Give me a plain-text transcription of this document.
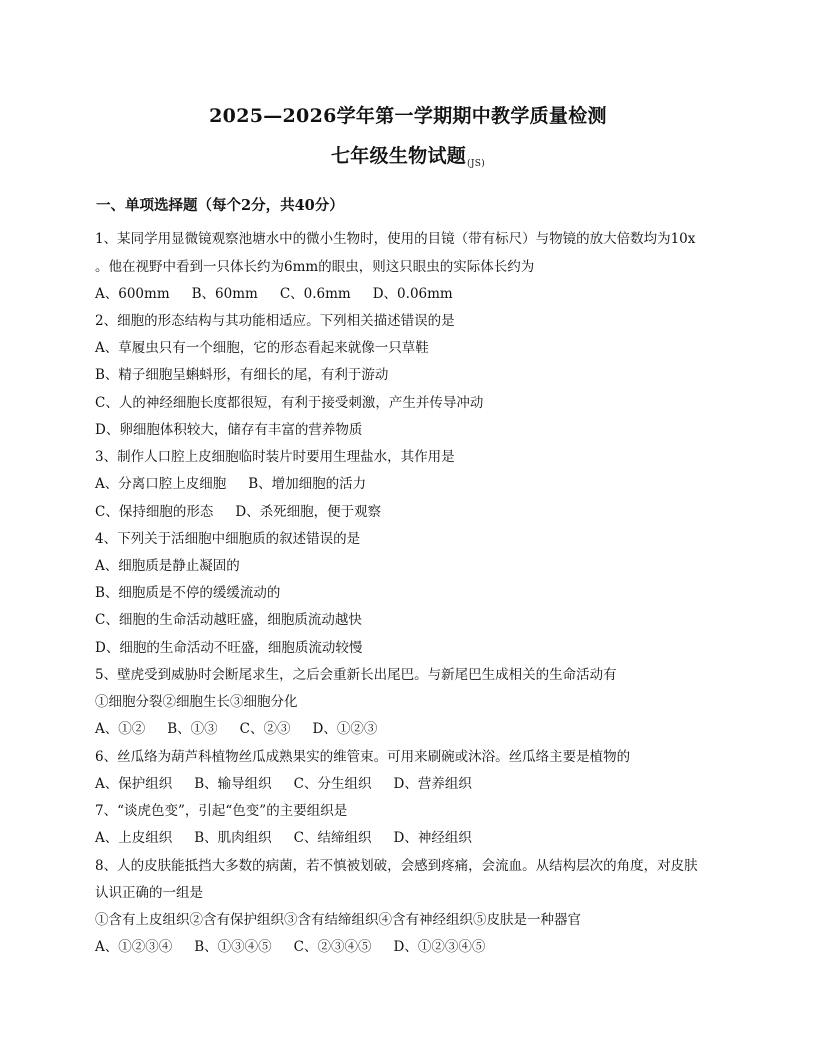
2025—2026学年第一学期期中教学质量检测
七年级生物试题$_{(JS)}$
一、单项选择题（每个2分，共40分）
1、某同学用显微镜观察池塘水中的微小生物时，使用的目镜（带有标尺）与物镜的放大倍数均为10x
。他在视野中看到一只体长约为6mm的眼虫，则这只眼虫的实际体长约为
A、600mm B、60mm C、0.6mm D、0.06mm
2、细胞的形态结构与其功能相适应。下列相关描述错误的是
A、草履虫只有一个细胞，它的形态看起来就像一只草鞋
B、精子细胞呈蝌蚪形，有细长的尾，有利于游动
C、人的神经细胞长度都很短，有利于接受刺激，产生并传导冲动
D、卵细胞体积较大，储存有丰富的营养物质
3、制作人口腔上皮细胞临时装片时要用生理盐水，其作用是
A、分离口腔上皮细胞 B、增加细胞的活力
C、保持细胞的形态 D、杀死细胞，便于观察
4、下列关于活细胞中细胞质的叙述错误的是
A、细胞质是静止凝固的
B、细胞质是不停的缓缓流动的
C、细胞的生命活动越旺盛，细胞质流动越快
D、细胞的生命活动不旺盛，细胞质流动较慢
5、壁虎受到威胁时会断尾求生，之后会重新长出尾巴。与新尾巴生成相关的生命活动有
①细胞分裂②细胞生长③细胞分化
A、①② B、①③ C、②③ D、①②③
6、丝瓜络为葫芦科植物丝瓜成熟果实的维管束。可用来刷碗或沐浴。丝瓜络主要是植物的
A、保护组织 B、输导组织 C、分生组织 D、营养组织
7、“谈虎色变”，引起“色变”的主要组织是
A、上皮组织 B、肌肉组织 C、结缔组织 D、神经组织
8、人的皮肤能抵挡大多数的病菌，若不慎被划破，会感到疼痛，会流血。从结构层次的角度，对皮肤
认识正确的一组是
①含有上皮组织②含有保护组织③含有结缔组织④含有神经组织⑤皮肤是一种器官
A、①②③④ B、①③④⑤ C、②③④⑤ D、①②③④⑤
